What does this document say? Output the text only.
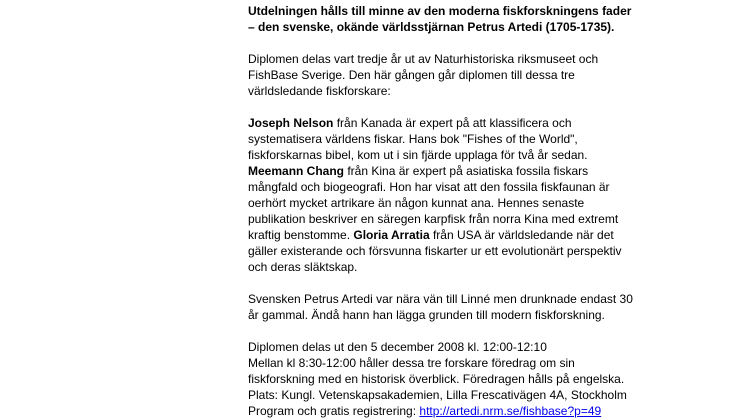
Utdelningen hålls till minne av den moderna fiskforskningens fader
– den svenske, okände världsstjärnan Petrus Artedi (1705-1735).

Diplomen delas vart tredje år ut av Naturhistoriska riksmuseet och
FishBase Sverige. Den här gången går diplomen till dessa tre
världsledande fiskforskare:

Joseph Nelson från Kanada är expert på att klassificera och
systematisera världens fiskar. Hans bok "Fishes of the World",
fiskforskarnas bibel, kom ut i sin fjärde upplaga för två år sedan.
Meemann Chang från Kina är expert på asiatiska fossila fiskars
mångfald och biogeografi. Hon har visat att den fossila fiskfaunan är
oerhört mycket artrikare än någon kunnat ana. Hennes senaste
publikation beskriver en säregen karpfisk från norra Kina med extremt
kraftig benstomme. Gloria Arratia från USA är världsledande när det
gäller existerande och försvunna fiskarter ur ett evolutionärt perspektiv
och deras släktskap.

Svensken Petrus Artedi var nära vän till Linné men drunknade endast 30
år gammal. Ändå hann han lägga grunden till modern fiskforskning.

Diplomen delas ut den 5 december 2008 kl. 12:00-12:10
Mellan kl 8:30-12:00 håller dessa tre forskare föredrag om sin
fiskforskning med en historisk överblick. Föredragen hålls på engelska.
Plats: Kungl. Vetenskapsakademien, Lilla Frescativägen 4A, Stockholm
Program och gratis registrering: http://artedi.nrm.se/fishbase?p=49
